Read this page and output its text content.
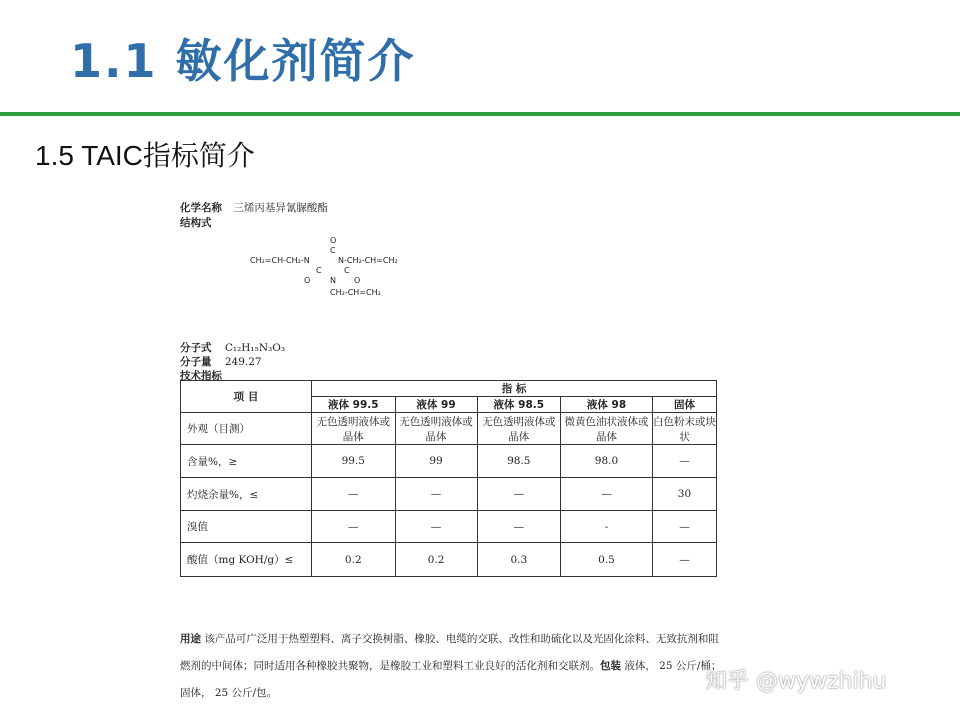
1.1 敏化剂简介
1.5 TAIC指标简介
化学名称 三烯丙基异氰脲酸酯
结构式
O
C
CH₂=CH-CH₂-N	N-CH₂-CH=CH₂
C	C
O	O
N
CH₂-CH=CH₂
分子式 C₁₂H₁₅N₃O₃
分子量 249.27
技术指标
项 目	指 标				
	液体 99.5	液体 99	液体 98.5	液体 98	固体
外观（目测）	无色透明液体或晶体	无色透明液体或晶体	无色透明液体或晶体	微黄色油状液体或晶体	白色粉末或块状
含量%，≥	99.5	99	98.5	98.0	—
灼烧余量%，≤	—	—	—	—	30
溴值	—	—	—	-	—
酸值（mg KOH/g）≤	0.2	0.2	0.3	0.5	—
用途 该产品可广泛用于热塑塑料、离子交换树脂、橡胶、电缆的交联、改性和助硫化以及光固化涂料、无致抗剂和阻燃剂的中间体；同时适用各种橡胶共聚物，是橡胶工业和塑料工业良好的活化剂和交联剂。包装 液体， 25 公斤/桶；固体， 25 公斤/包。	知乎 @wywzhihu
